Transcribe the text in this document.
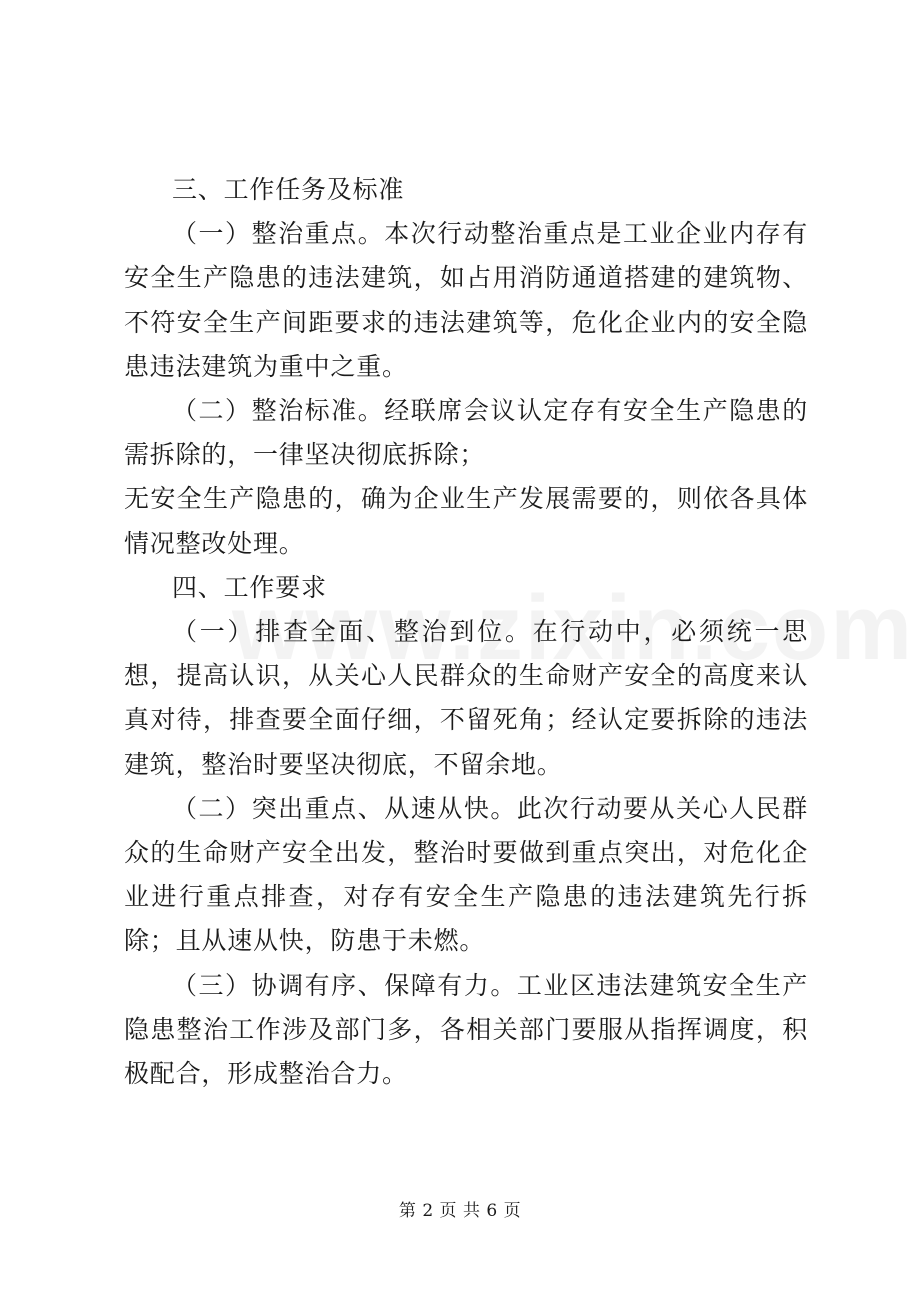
三、工作任务及标准

（一）整治重点。本次行动整治重点是工业企业内存有安全生产隐患的违法建筑，如占用消防通道搭建的建筑物、不符安全生产间距要求的违法建筑等，危化企业内的安全隐患违法建筑为重中之重。

（二）整治标准。经联席会议认定存有安全生产隐患的需拆除的，一律坚决彻底拆除；

无安全生产隐患的，确为企业生产发展需要的，则依各具体情况整改处理。

四、工作要求

（一）排查全面、整治到位。在行动中，必须统一思想，提高认识，从关心人民群众的生命财产安全的高度来认真对待，排查要全面仔细，不留死角；经认定要拆除的违法建筑，整治时要坚决彻底，不留余地。

（二）突出重点、从速从快。此次行动要从关心人民群众的生命财产安全出发，整治时要做到重点突出，对危化企业进行重点排查，对存有安全生产隐患的违法建筑先行拆除；且从速从快，防患于未燃。

（三）协调有序、保障有力。工业区违法建筑安全生产隐患整治工作涉及部门多，各相关部门要服从指挥调度，积极配合，形成整治合力。

第 2 页 共 6 页
